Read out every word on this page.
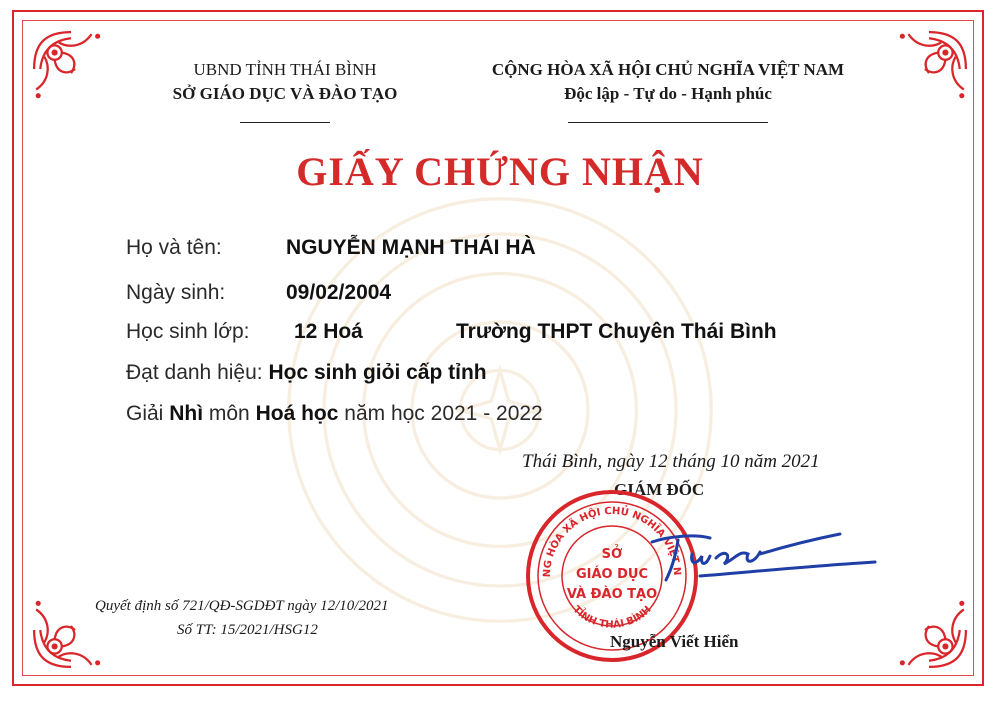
UBND TỈNH THÁI BÌNH
SỞ GIÁO DỤC VÀ ĐÀO TẠO
CỘNG HÒA XÃ HỘI CHỦ NGHĨA VIỆT NAM
Độc lập - Tự do - Hạnh phúc
GIẤY CHỨNG NHẬN
Họ và tên:	NGUYỄN MẠNH THÁI HÀ
Ngày sinh:	09/02/2004
Học sinh lớp: 12 Hoá	Trường THPT Chuyên Thái Bình
Đạt danh hiệu: Học sinh giỏi cấp tỉnh
Giải Nhì môn Hoá học năm học 2021 - 2022
Thái Bình, ngày 12 tháng 10 năm 2021
GIÁM ĐỐC
NG HÒA XÃ HỘI CHỦ NGHĨA VIỆT N
TỈNH THÁI BÌNH
SỞ
GIÁO DỤC
VÀ ĐÀO TẠO
Nguyễn Viết Hiển
Quyết định số 721/QĐ-SGDĐT ngày 12/10/2021
Số TT: 15/2021/HSG12
